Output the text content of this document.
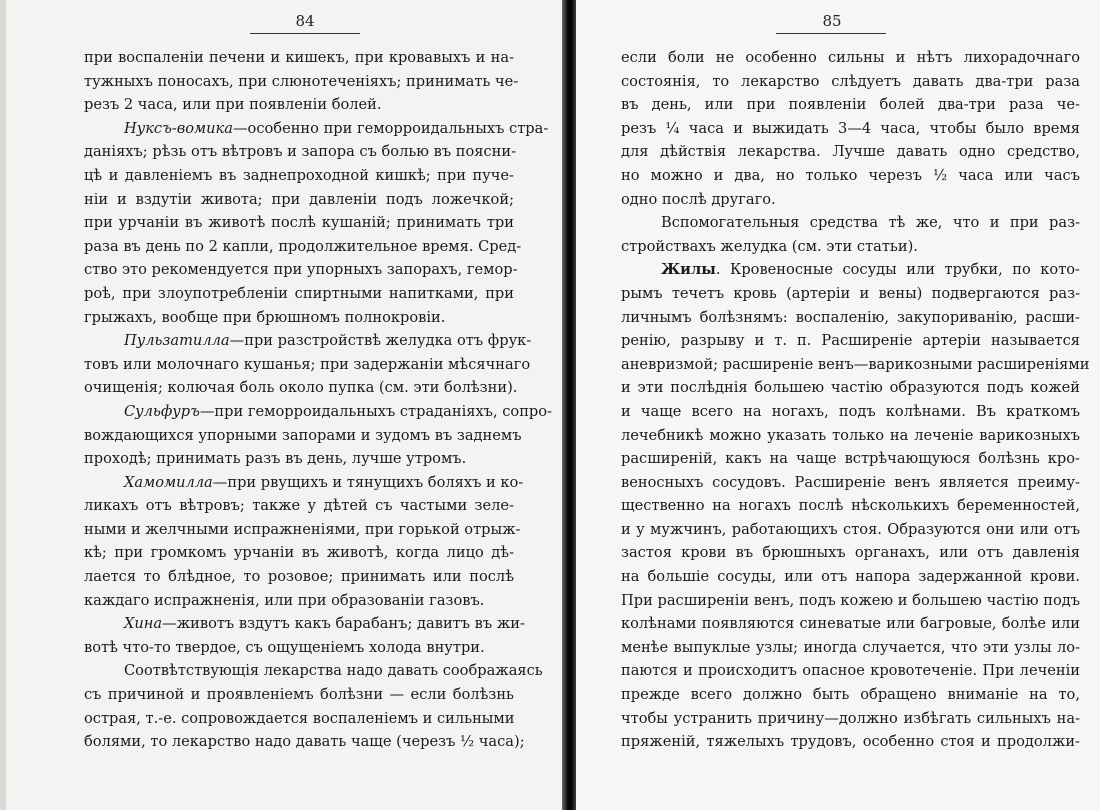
84
при воспаленіи печени и кишекъ, при кровавыхъ и на-
тужныхъ поносахъ, при слюнотеченіяхъ; принимать че-
резъ 2 часа, или при появленіи болей.
Нуксъ-вомика—особенно при геморроидальныхъ стра-
даніяхъ; рѣзь отъ вѣтровъ и запора съ болью въ поясни-
цѣ и давленіемъ въ заднепроходной кишкѣ; при пуче-
ніи и вздутіи живота; при давленіи подъ ложечкой;
при урчаніи въ животѣ послѣ кушаній; принимать три
раза въ день по 2 капли, продолжительное время. Сред-
ство это рекомендуется при упорныхъ запорахъ, гемор-
роѣ, при злоупотребленіи спиртными напитками, при
грыжахъ, вообще при брюшномъ полнокровіи.
Пульзатилла—при разстройствѣ желудка отъ фрук-
товъ или молочнаго кушанья; при задержаніи мѣсячнаго
очищенія; колючая боль около пупка (см. эти болѣзни).
Сульфуръ—при геморроидальныхъ страданіяхъ, сопро-
вождающихся упорными запорами и зудомъ въ заднемъ
проходѣ; принимать разъ въ день, лучше утромъ.
Хамомилла—при рвущихъ и тянущихъ боляхъ и ко-
ликахъ отъ вѣтровъ; также у дѣтей съ частыми зеле-
ными и желчными испражненіями, при горькой отрыж-
кѣ; при громкомъ урчаніи въ животѣ, когда лицо дѣ-
лается то блѣдное, то розовое; принимать или послѣ
каждаго испражненія, или при образованіи газовъ.
Хина—животъ вздутъ какъ барабанъ; давитъ въ жи-
вотѣ что-то твердое, съ ощущеніемъ холода внутри.
Соотвѣтствующія лекарства надо давать соображаясь
съ причиной и проявленіемъ болѣзни — если болѣзнь
острая, т.-е. сопровождается воспаленіемъ и сильными
болями, то лекарство надо давать чаще (черезъ ½ часа);
85
если боли не особенно сильны и нѣтъ лихорадочнаго
состоянія, то лекарство слѣдуетъ давать два-три раза
въ день, или при появленіи болей два-три раза че-
резъ ¼ часа и выжидать 3—4 часа, чтобы было время
для дѣйствія лекарства. Лучше давать одно средство,
но можно и два, но только черезъ ½ часа или часъ
одно послѣ другаго.
Вспомогательныя средства тѣ же, что и при раз-
стройствахъ желудка (см. эти статьи).
Жилы. Кровеносные сосуды или трубки, по кото-
рымъ течетъ кровь (артеріи и вены) подвергаются раз-
личнымъ болѣзнямъ: воспаленію, закупориванію, расши-
ренію, разрыву и т. п. Расширеніе артеріи называется
аневризмой; расширеніе венъ—варикозными расширеніями
и эти послѣднія большею частію образуются подъ кожей
и чаще всего на ногахъ, подъ колѣнами. Въ краткомъ
лечебникѣ можно указать только на леченіе варикозныхъ
расширеній, какъ на чаще встрѣчающуюся болѣзнь кро-
веносныхъ сосудовъ. Расширеніе венъ является преиму-
щественно на ногахъ послѣ нѣсколькихъ беременностей,
и у мужчинъ, работающихъ стоя. Образуются они или отъ
застоя крови въ брюшныхъ органахъ, или отъ давленія
на большіе сосуды, или отъ напора задержанной крови.
При расширеніи венъ, подъ кожею и большею частію подъ
колѣнами появляются синеватые или багровые, болѣе или
менѣе выпуклые узлы; иногда случается, что эти узлы ло-
паются и происходитъ опасное кровотеченіе. При леченіи
прежде всего должно быть обращено вниманіе на то,
чтобы устранить причину—должно избѣгать сильныхъ на-
пряженій, тяжелыхъ трудовъ, особенно стоя и продолжи-
